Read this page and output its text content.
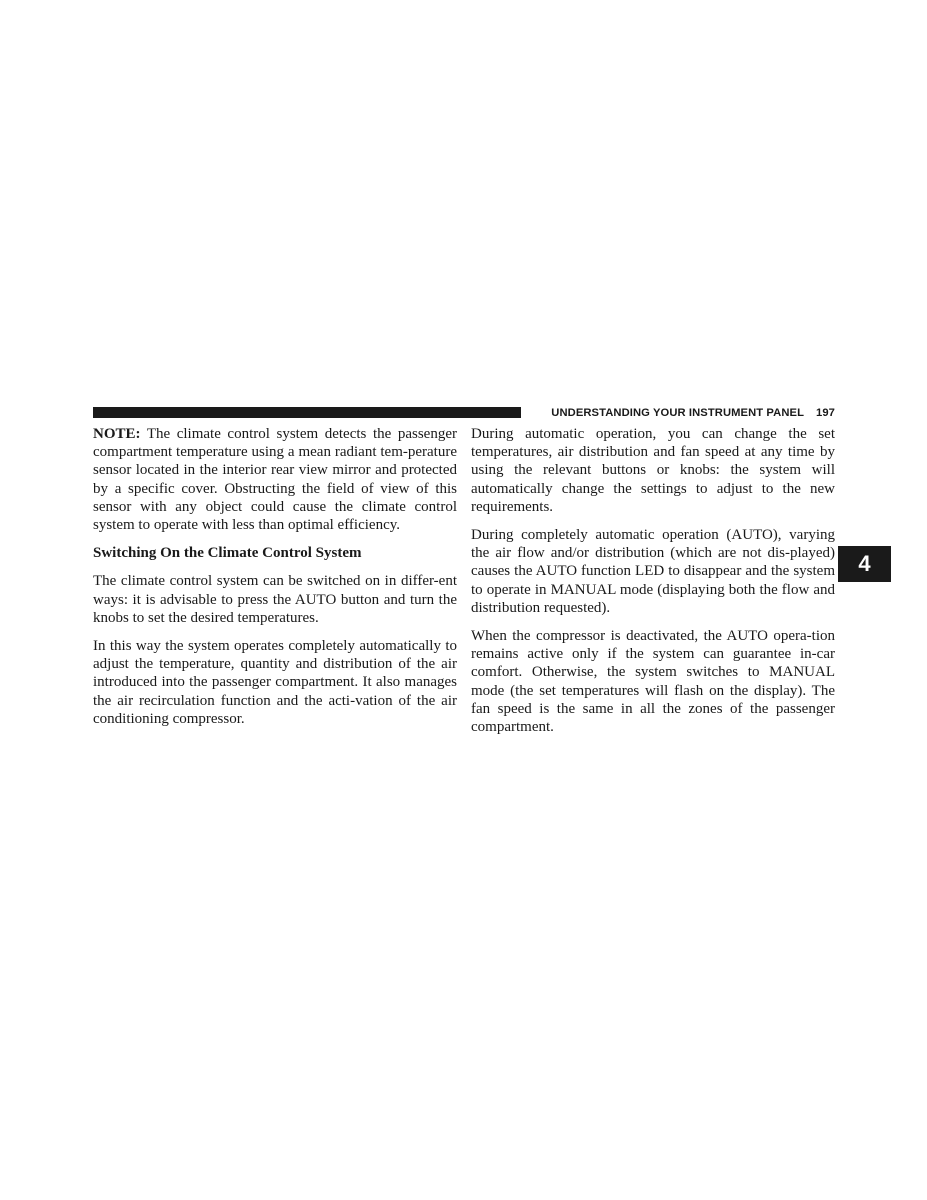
UNDERSTANDING YOUR INSTRUMENT PANEL 197
4

NOTE: The climate control system detects the passenger compartment temperature using a mean radiant tem-perature sensor located in the interior rear view mirror and protected by a specific cover. Obstructing the field of view of this sensor with any object could cause the climate control system to operate with less than optimal efficiency.

Switching On the Climate Control System

The climate control system can be switched on in differ-ent ways: it is advisable to press the AUTO button and turn the knobs to set the desired temperatures.

In this way the system operates completely automatically to adjust the temperature, quantity and distribution of the air introduced into the passenger compartment. It also manages the air recirculation function and the acti-vation of the air conditioning compressor.

During automatic operation, you can change the set temperatures, air distribution and fan speed at any time by using the relevant buttons or knobs: the system will automatically change the settings to adjust to the new requirements.

During completely automatic operation (AUTO), varying the air flow and/or distribution (which are not dis-played) causes the AUTO function LED to disappear and the system to operate in MANUAL mode (displaying both the flow and distribution requested).

When the compressor is deactivated, the AUTO opera-tion remains active only if the system can guarantee in-car comfort. Otherwise, the system switches to MANUAL mode (the set temperatures will flash on the display). The fan speed is the same in all the zones of the passenger compartment.
